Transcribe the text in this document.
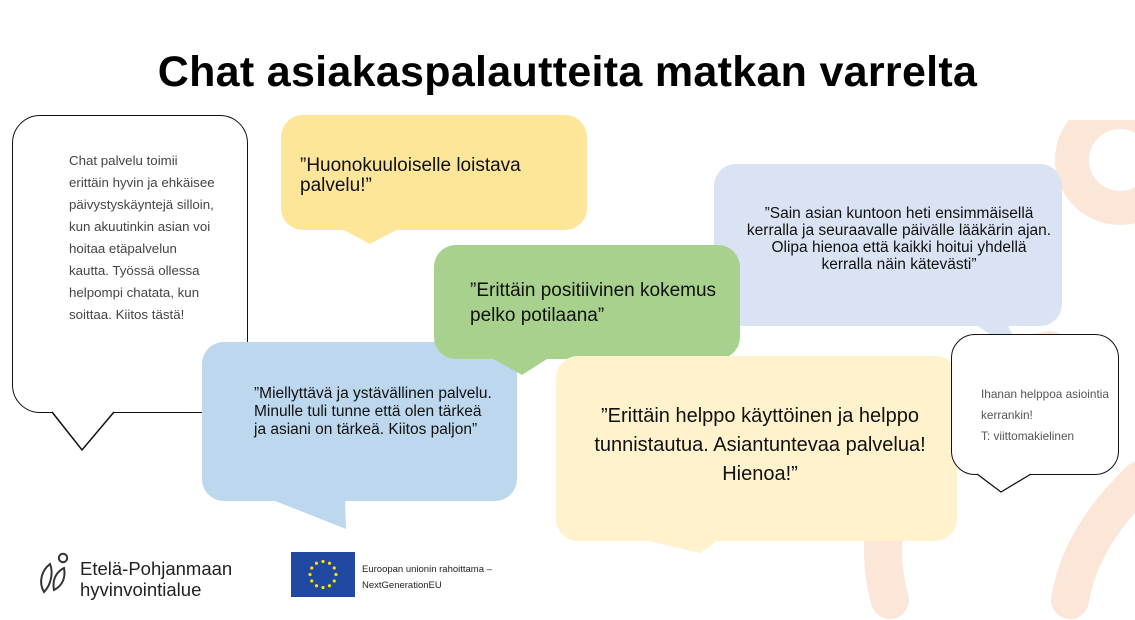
Chat asiakaspalautteita matkan varrelta
Chat palvelu toimii erittäin hyvin ja ehkäisee päivystyskäyntejä silloin, kun akuutinkin asian voi hoitaa etäpalvelun kautta. Työssä ollessa helpompi chatata, kun soittaa. Kiitos tästä!
”Huonokuuloiselle loistava palvelu!”
”Sain asian kuntoon heti ensimmäisellä kerralla ja seuraavalle päivälle lääkärin ajan. Olipa hienoa että kaikki hoitui yhdellä kerralla näin kätevästi”
”Miellyttävä ja ystävällinen palvelu. Minulle tuli tunne että olen tärkeä ja asiani on tärkeä. Kiitos paljon”
”Erittäin positiivinen kokemus pelko potilaana”
”Erittäin helppo käyttöinen ja helppo tunnistautua. Asiantuntevaa palvelua! Hienoa!”
Ihanan helppoa asiointia kerrankin!
T: viittomakielinen
Etelä-Pohjanmaan
hyvinvointialue
Euroopan unionin rahoittama –
NextGenerationEU
